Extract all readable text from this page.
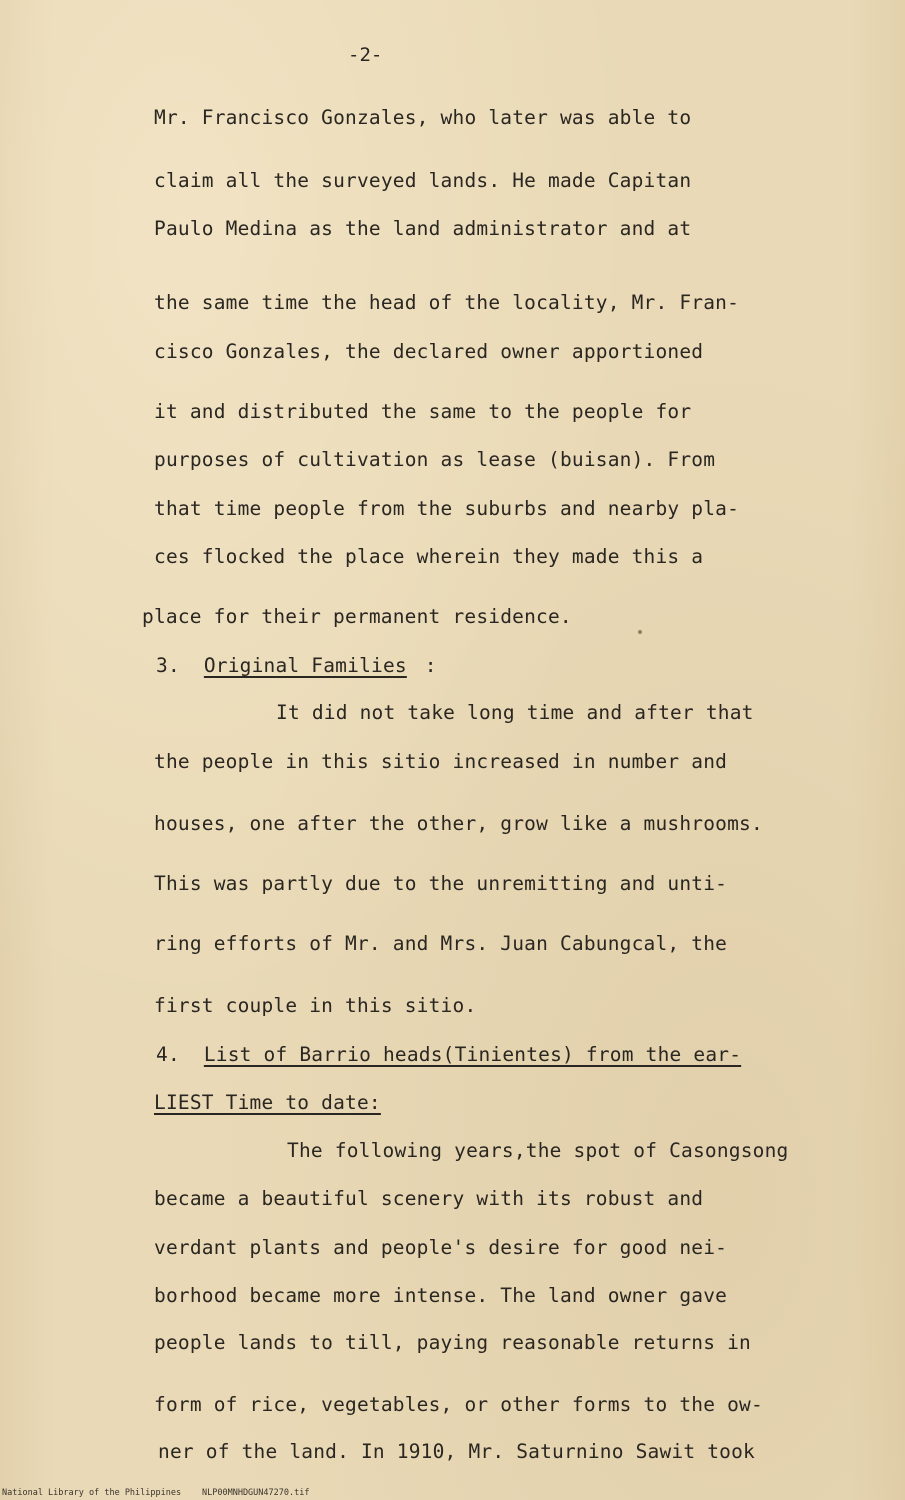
-2-
Mr. Francisco Gonzales, who later was able to
claim all the surveyed lands. He made Capitan
Paulo Medina as the land administrator and at
the same time the head of the locality, Mr. Fran-
cisco Gonzales, the declared owner apportioned
it and distributed the same to the people for
purposes of cultivation as lease (buisan). From
that time people from the suburbs and nearby pla-
ces flocked the place wherein they made this a
place for their permanent residence.
3. Original Families :
It did not take long time and after that
the people in this sitio increased in number and
houses, one after the other, grow like a mushrooms.
This was partly due to the unremitting and unti-
ring efforts of Mr. and Mrs. Juan Cabungcal, the
first couple in this sitio.
4. List of Barrio heads(Tinientes) from the ear-
LIEST Time to date:
The following years,the spot of Casongsong
became a beautiful scenery with its robust and
verdant plants and people's desire for good nei-
borhood became more intense. The land owner gave
people lands to till, paying reasonable returns in
form of rice, vegetables, or other forms to the ow-
ner of the land. In 1910, Mr. Saturnino Sawit took
National Library of the Philippines NLP00MNHDGUN47270.tif
